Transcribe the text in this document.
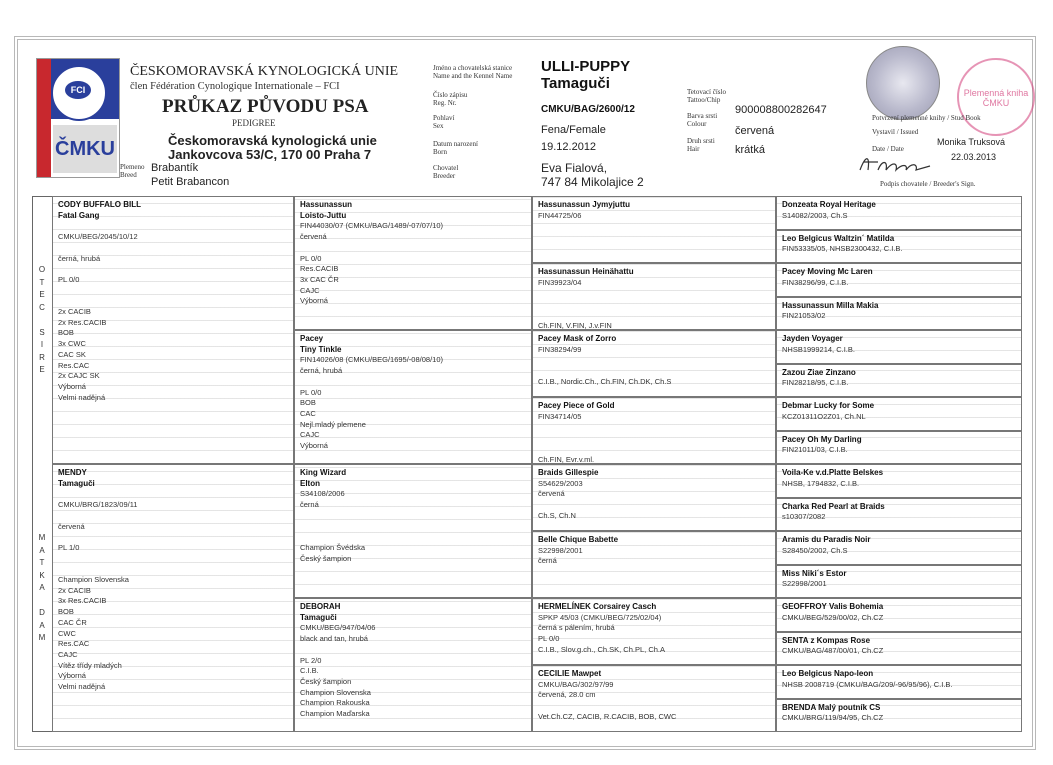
FCI
ČMKU
ČESKOMORAVSKÁ KYNOLOGICKÁ UNIE
člen Fédération Cynologique Internationale – FCI
PRŮKAZ PŮVODU PSA
PEDIGREE
Českomoravská kynologická unie
Jankovcova 53/C, 170 00 Praha 7
Plemeno
Breed
Brabantík
Petit Brabancon
Jméno a chovatelská stanice
Name and the Kennel Name
Číslo zápisu
Reg. Nr.
Pohlaví
Sex
Datum narození
Born
Chovatel
Breeder
ULLI-PUPPY
Tamaguči
CMKU/BAG/2600/12
Fena/Female
19.12.2012
Eva Fialová,
747 84 Mikolajice 2
Tetovací číslo
Tattoo/Chip
Barva srsti
Colour
Druh srsti
Hair
900008800282647
červená
krátká
Plemenná kniha ČMKU
Potvrzení plemenné knihy / Stud Book
Vystavil / Issued
Date / Date
Monika Truksová
22.03.2013
Podpis chovatele / Breeder's Sign.
O
T
E
C

S
I
R
E
M
A
T
K
A

D
A
M
CODY BUFFALO BILL
Fatal Gang

CMKU/BEG/2045/10/12

černá, hrubá

PL 0/0

2x CACIB
2x Res.CACIB
BOB
3x CWC
CAC SK
Res.CAC
2x CAJC SK
Výborná
Velmi nadějná
MENDY
Tamaguči

CMKU/BRG/1823/09/11

červená

PL 1/0

Champion Slovenska
2x CACIB
3x Res.CACIB
BOB
CAC ČR
CWC
Res.CAC
CAJC
Vítěz třídy mladých
Výborná
Velmi nadějná
Hassunassun
Loisto-Juttu
FIN44030/07 (CMKU/BAG/1489/-07/07/10)
červená

PL 0/0
Res.CACIB
3x CAC ČR
CAJC
Výborná
Pacey
Tiny Tinkle
FIN14026/08 (CMKU/BEG/1695/-08/08/10)
černá, hrubá

PL 0/0
BOB
CAC
Nejl.mladý plemene
CAJC
Výborná
King Wizard
Elton
S34108/2006
černá

Champion Švédska
Český šampion
DEBORAH
Tamaguči
CMKU/BEG/947/04/06
black and tan, hrubá

PL 2/0
C.I.B.
Český šampion
Champion Slovenska
Champion Rakouska
Champion Maďarska
Hassunassun Jymyjuttu
FIN44725/06
Hassunassun Heinähattu
FIN39923/04

Ch.FIN, V.FIN, J.v.FIN
Pacey Mask of Zorro
FIN38294/99

C.I.B., Nordic.Ch., Ch.FIN, Ch.DK, Ch.S
Pacey Piece of Gold
FIN34714/05

Ch.FIN, Evr.v.ml.
Braids Gillespie
S54629/2003
červená

Ch.S, Ch.N
Belle Chique Babette
S22998/2001
černá
HERMELÍNEK Corsairey Casch
SPKP 45/03 (CMKU/BEG/725/02/04)
černá s pálením, hrubá
PL 0/0
C.I.B., Slov.g.ch., Ch.SK, Ch.PL, Ch.A
CECILIE Mawpet
CMKU/BAG/302/97/99
červená, 28.0 cm

Vet.Ch.CZ, CACIB, R.CACIB, BOB, CWC
Donzeata Royal Heritage
S14082/2003, Ch.S
Leo Belgicus Waltzin´ Matilda
FIN53335/05, NHSB2300432, C.I.B.
Pacey Moving Mc Laren
FIN38296/99, C.I.B.
Hassunassun Milla Makia
FIN21053/02
Jayden Voyager
NHSB1999214, C.I.B.
Zazou Ziae Zinzano
FIN28218/95, C.I.B.
Debmar Lucky for Some
KCZ01311O2Z01, Ch.NL
Pacey Oh My Darling
FIN21011/03, C.I.B.
Voila-Ke v.d.Platte Belskes
NHSB, 1794832, C.I.B.
Charka Red Pearl at Braids
s10307/2082
Aramis du Paradis Noir
S28450/2002, Ch.S
Miss Niki´s Estor
S22998/2001
GEOFFROY Valis Bohemia
CMKU/BEG/529/00/02, Ch.CZ
SENTA z Kompas Rose
CMKU/BAG/487/00/01, Ch.CZ
Leo Belgicus Napo-leon
NHSB 2008719 (CMKU/BAG/209/-96/95/96), C.I.B.
BRENDA Malý poutník CS
CMKU/BRG/119/94/95, Ch.CZ
